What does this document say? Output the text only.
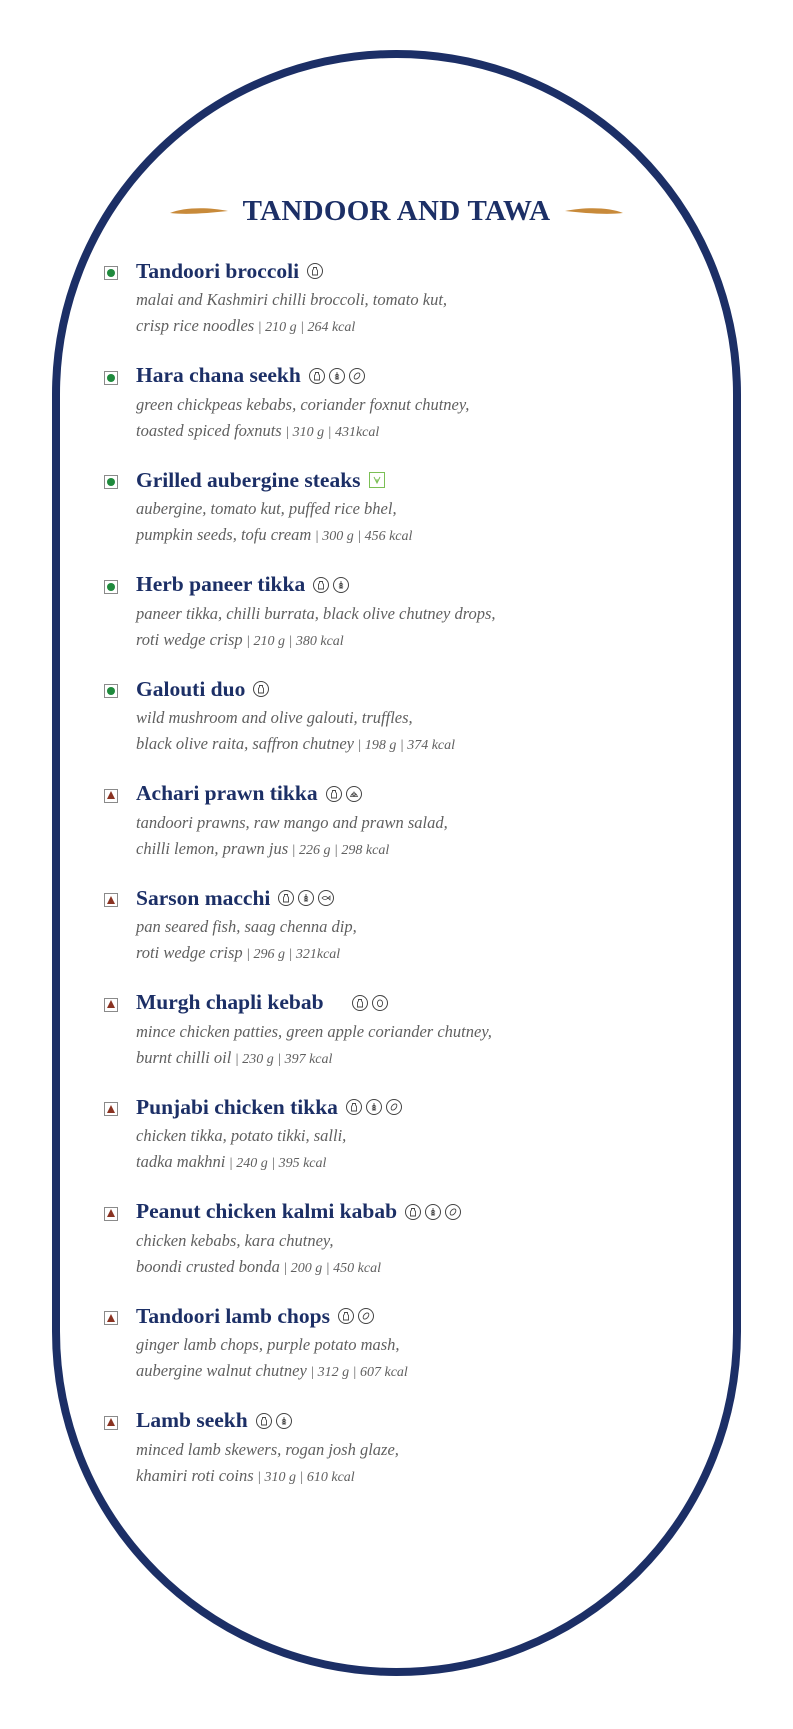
TANDOOR AND TAWA
Tandoori broccoli
malai and Kashmiri chilli broccoli, tomato kut,
crisp rice noodles | 210 g | 264 kcal
Hara chana seekh
green chickpeas kebabs, coriander foxnut chutney,
toasted spiced foxnuts | 310 g | 431kcal
Grilled aubergine steaks
aubergine, tomato kut, puffed rice bhel,
pumpkin seeds, tofu cream | 300 g | 456 kcal
Herb paneer tikka
paneer tikka, chilli burrata, black olive chutney drops,
roti wedge crisp | 210 g | 380 kcal
Galouti duo
wild mushroom and olive galouti, truffles,
black olive raita, saffron chutney | 198 g | 374 kcal
Achari prawn tikka
tandoori prawns, raw mango and prawn salad,
chilli lemon, prawn jus | 226 g | 298 kcal
Sarson macchi
pan seared fish, saag chenna dip,
roti wedge crisp | 296 g | 321kcal
Murgh chapli kebab
mince chicken patties, green apple coriander chutney,
burnt chilli oil | 230 g | 397 kcal
Punjabi chicken tikka
chicken tikka, potato tikki, salli,
tadka makhni | 240 g | 395 kcal
Peanut chicken kalmi kabab
chicken kebabs, kara chutney,
boondi crusted bonda | 200 g | 450 kcal
Tandoori lamb chops
ginger lamb chops, purple potato mash,
aubergine walnut chutney | 312 g | 607 kcal
Lamb seekh
minced lamb skewers, rogan josh glaze,
khamiri roti coins | 310 g | 610 kcal
